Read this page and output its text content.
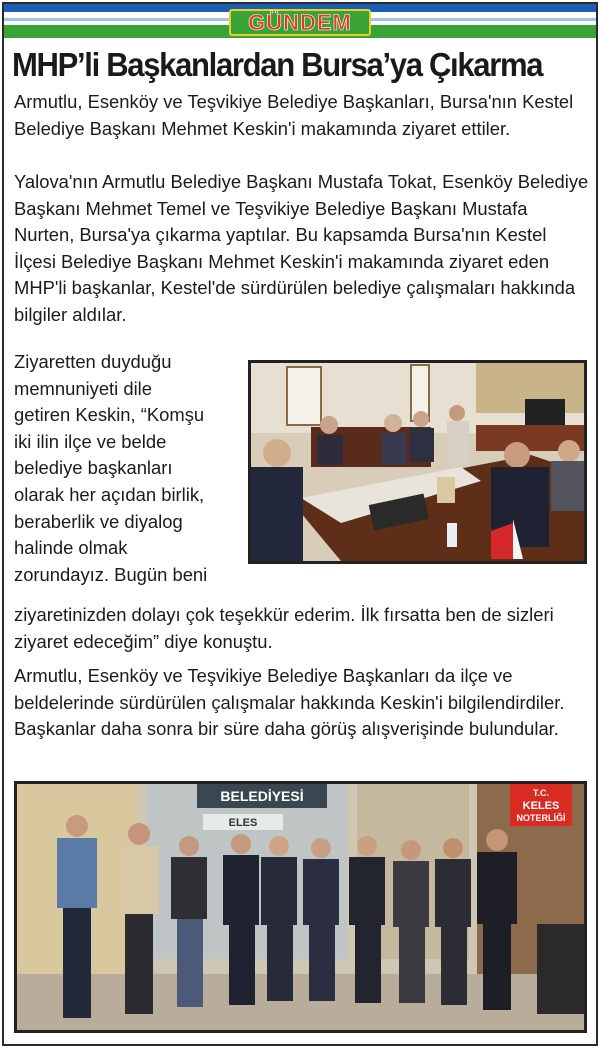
GÜNDEM
MHP’li Başkanlardan Bursa’ya Çıkarma

Armutlu, Esenköy ve Teşvikiye Belediye Başkanları, Bursa'nın Kestel Belediye Başkanı Mehmet Keskin'i makamında ziyaret ettiler.

Yalova'nın Armutlu Belediye Başkanı Mustafa Tokat, Esenköy Belediye Başkanı Mehmet Temel ve Teşvikiye Belediye Başkanı Mustafa Nurten, Bursa'ya çıkarma yaptılar. Bu kapsamda Bursa'nın Kestel İlçesi Belediye Başkanı Mehmet Keskin'i makamında ziyaret eden MHP'li başkanlar, Kestel'de sürdürülen belediye çalışmaları hakkında bilgiler aldılar.

Ziyaretten duyduğu
memnuniyeti dile
getiren Keskin, “Komşu
iki ilin ilçe ve belde
belediye başkanları
olarak her açıdan birlik,
beraberlik ve diyalog
halinde olmak
zorundayız. Bugün beni

ziyaretinizden dolayı çok teşekkür ederim. İlk fırsatta ben de sizleri ziyaret edeceğim” diye konuştu.

Armutlu, Esenköy ve Teşvikiye Belediye Başkanları da ilçe ve beldelerinde sürdürülen çalışmalar hakkında Keskin'i bilgilendirdiler. Başkanlar daha sonra bir süre daha görüş alışverişinde bulundular.

BELEDİYESİ
ELES
T.C.
KELES
NOTERLİĞİ
